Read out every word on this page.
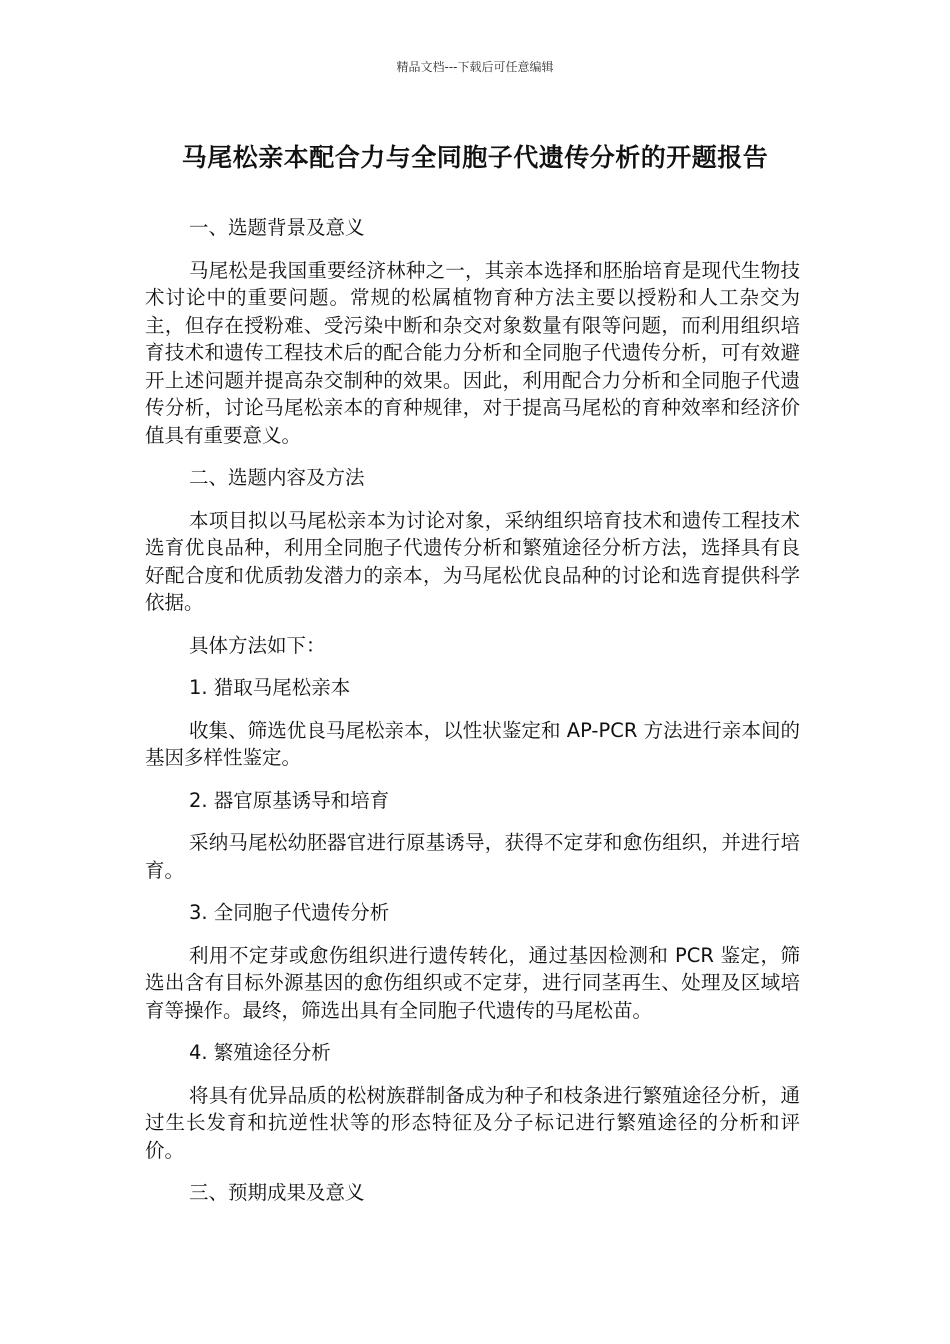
精品文档---下载后可任意编辑
马尾松亲本配合力与全同胞子代遗传分析的开题报告

一、选题背景及意义

马尾松是我国重要经济林种之一，其亲本选择和胚胎培育是现代生物技术讨论中的重要问题。常规的松属植物育种方法主要以授粉和人工杂交为主，但存在授粉难、受污染中断和杂交对象数量有限等问题，而利用组织培育技术和遗传工程技术后的配合能力分析和全同胞子代遗传分析，可有效避开上述问题并提高杂交制种的效果。因此，利用配合力分析和全同胞子代遗传分析，讨论马尾松亲本的育种规律，对于提高马尾松的育种效率和经济价值具有重要意义。

二、选题内容及方法

本项目拟以马尾松亲本为讨论对象，采纳组织培育技术和遗传工程技术选育优良品种，利用全同胞子代遗传分析和繁殖途径分析方法，选择具有良好配合度和优质勃发潜力的亲本，为马尾松优良品种的讨论和选育提供科学依据。

具体方法如下：

1. 猎取马尾松亲本

收集、筛选优良马尾松亲本，以性状鉴定和 AP-PCR 方法进行亲本间的基因多样性鉴定。

2. 器官原基诱导和培育

采纳马尾松幼胚器官进行原基诱导，获得不定芽和愈伤组织，并进行培育。

3. 全同胞子代遗传分析

利用不定芽或愈伤组织进行遗传转化，通过基因检测和 PCR 鉴定，筛选出含有目标外源基因的愈伤组织或不定芽，进行同茎再生、处理及区域培育等操作。最终，筛选出具有全同胞子代遗传的马尾松苗。

4. 繁殖途径分析

将具有优异品质的松树族群制备成为种子和枝条进行繁殖途径分析，通过生长发育和抗逆性状等的形态特征及分子标记进行繁殖途径的分析和评价。

三、预期成果及意义
